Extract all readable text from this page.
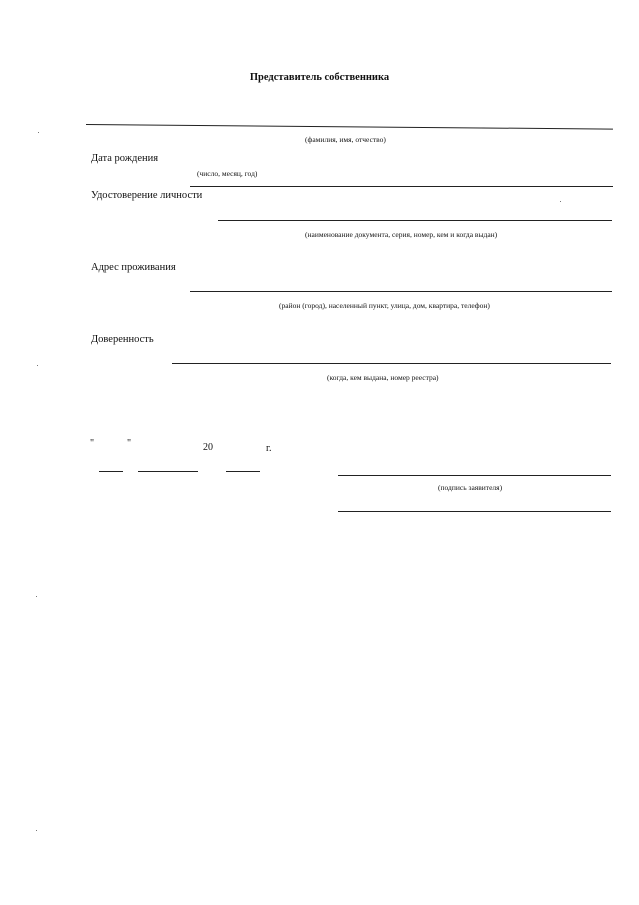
Представитель собственника
(фамилия, имя, отчество)
Дата рождения
(число, месяц, год)
Удостоверение личности
(наименование документа, серия, номер, кем и когда выдан)
Адрес проживания
(район (город), населенный пункт, улица, дом, квартира, телефон)
Доверенность
(когда, кем выдана, номер реестра)
"	"	20	г.
(подпись заявителя)
